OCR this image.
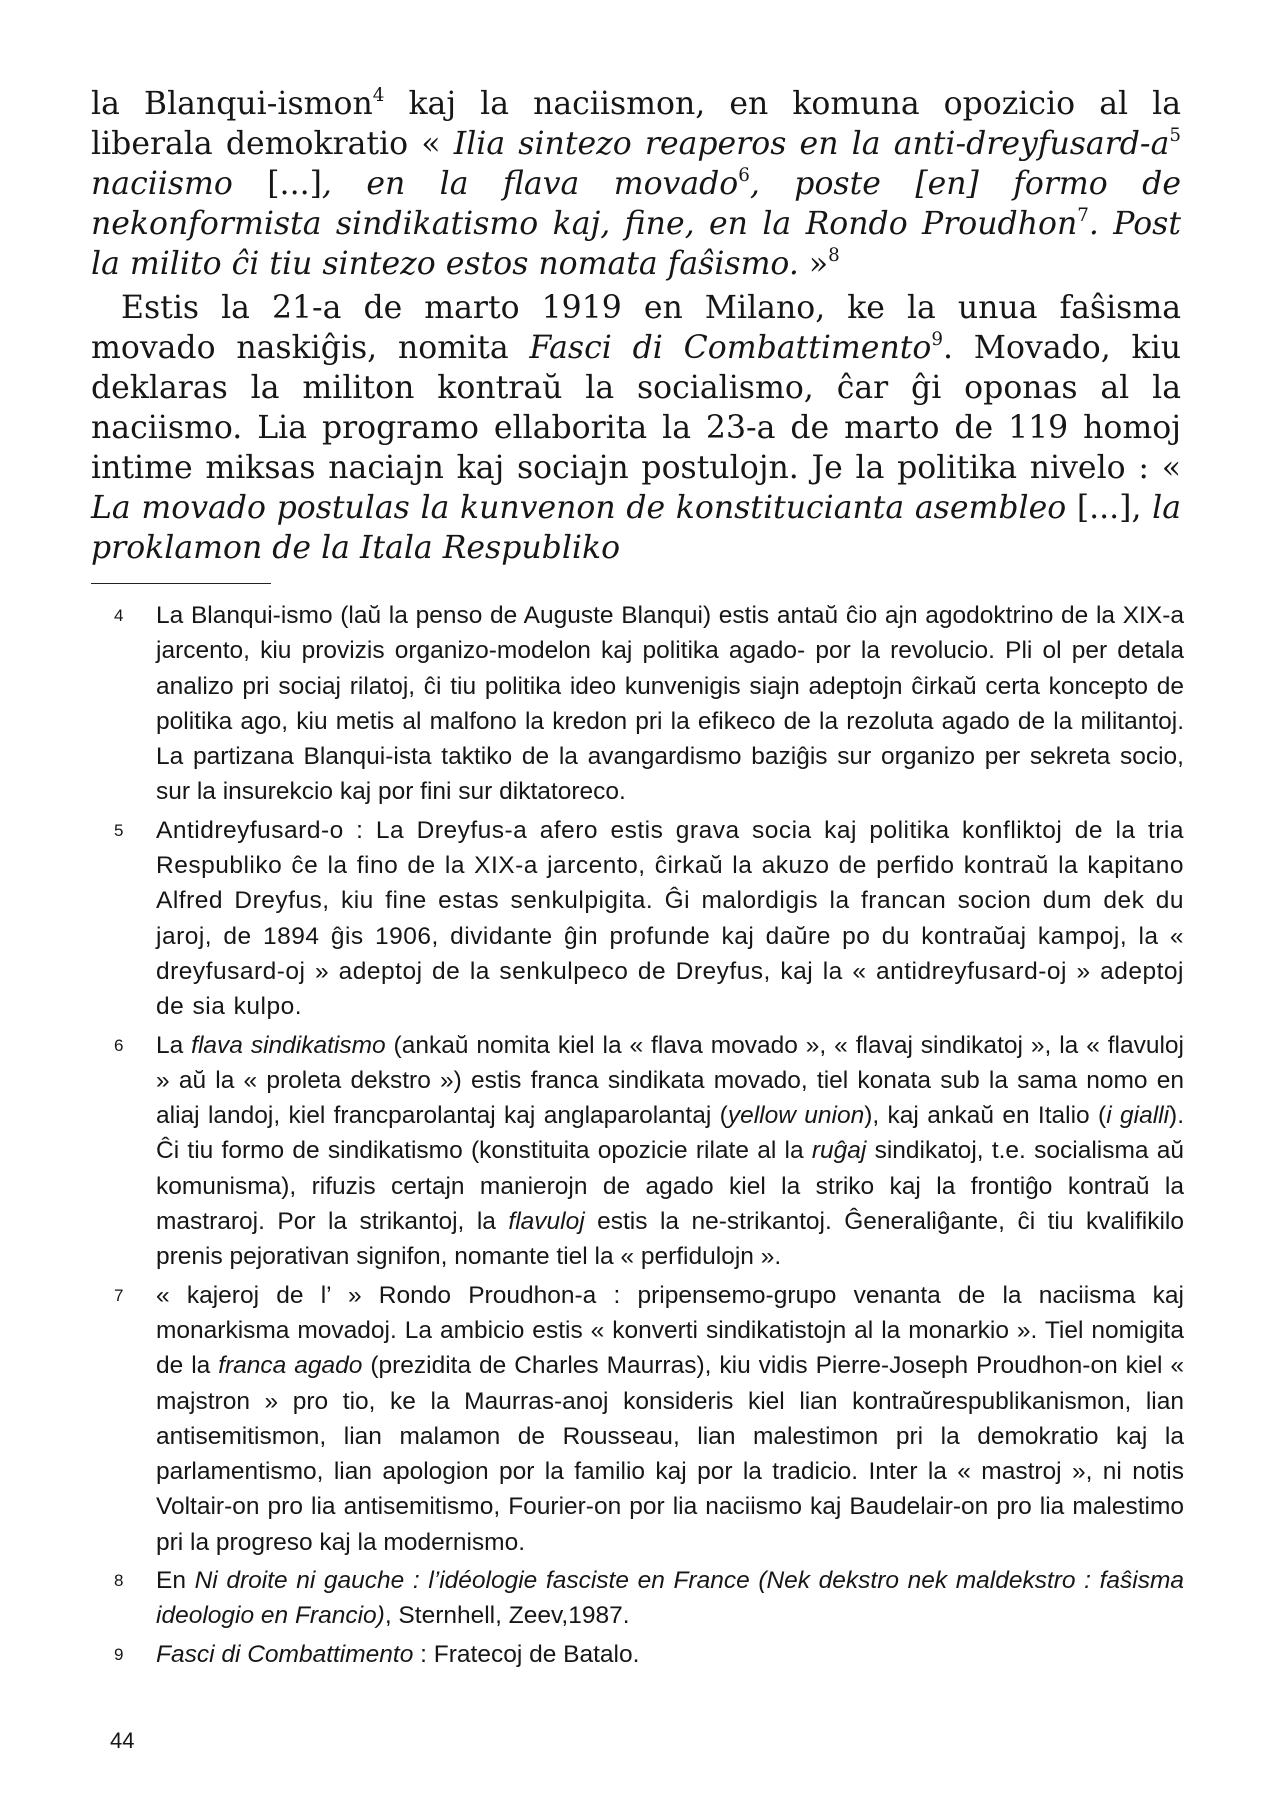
la Blanqui-ismon$^4$ kaj la naciismon, en komuna opozicio al la liberala demokratio « Ilia sintezo reaperos en la anti-$dreyfusard-a^5$ naciismo [...], en la flava movado$^6$, poste [en] formo de nekonformista sindikatismo kaj, fine, en la Rondo Proudhon$^7$. Post la milito ĉi tiu sintezo estos nomata faŝismo. »$^8$

Estis la 21-a de marto 1919 en Milano, ke la unua faŝisma movado naskiĝis, nomita Fasci di Combattimento$^9$. Movado, kiu deklaras la militon kontraŭ la socialismo, ĉar ĝi oponas al la naciismo. Lia programo ellaborita la 23-a de marto de 119 homoj intime miksas naciajn kaj sociajn postulojn. Je la politika nivelo : « La movado postulas la kunvenon de konstitucianta asembleo [...], la proklamon de la Itala Respubliko

4 La Blanqui-ismo (laŭ la penso de Auguste Blanqui) estis antaŭ ĉio ajn agodoktrino de la XIX-a jarcento, kiu provizis organizo-modelon kaj politika agado- por la revolucio. Pli ol per detala analizo pri sociaj rilatoj, ĉi tiu politika ideo kunvenigis siajn adeptojn ĉirkaŭ certa koncepto de politika ago, kiu metis al malfono la kredon pri la efikeco de la rezoluta agado de la militantoj. La partizana Blanqui-ista taktiko de la avangardismo baziĝis sur organizo per sekreta socio, sur la insurekcio kaj por fini sur diktatoreco.
5 Antidreyfusard-o : La Dreyfus-a afero estis grava socia kaj politika konfliktoj de la tria Respubliko ĉe la fino de la XIX-a jarcento, ĉirkaŭ la akuzo de perfido kontraŭ la kapitano Alfred Dreyfus, kiu fine estas senkulpigita. Ĝi malordigis la francan socion dum dek du jaroj, de 1894 ĝis 1906, dividante ĝin profunde kaj daŭre po du kontraŭaj kampoj, la « dreyfusard-oj » adeptoj de la senkulpeco de Dreyfus, kaj la « antidreyfusard-oj » adeptoj de sia kulpo.
6 La flava sindikatismo (ankaŭ nomita kiel la « flava movado », « flavaj sindikatoj », la « flavuloj » aŭ la « proleta dekstro ») estis franca sindikata movado, tiel konata sub la sama nomo en aliaj landoj, kiel francparolantaj kaj anglaparolantaj (yellow union), kaj ankaŭ en Italio (i gialli). Ĉi tiu formo de sindikatismo (konstituita opozicie rilate al la ruĝaj sindikatoj, t.e. socialisma aŭ komunisma), rifuzis certajn manierojn de agado kiel la striko kaj la frontiĝo kontraŭ la mastraroj. Por la strikantoj, la flavuloj estis la ne-strikantoj. Ĝeneraliĝante, ĉi tiu kvalifikilo prenis pejorativan signifon, nomante tiel la « perfidulojn ».
7 « kajeroj de l’ » Rondo Proudhon-a : pripensemo-grupo venanta de la naciisma kaj monarkisma movadoj. La ambicio estis « konverti sindikatistojn al la monarkio ». Tiel nomigita de la franca agado (prezidita de Charles Maurras), kiu vidis Pierre-Joseph Proudhon-on kiel « majstron » pro tio, ke la Maurras-anoj konsideris kiel lian kontraŭrespublikanismon, lian antisemitismon, lian malamon de Rousseau, lian malestimon pri la demokratio kaj la parlamentismo, lian apologion por la familio kaj por la tradicio. Inter la « mastroj », ni notis Voltair-on pro lia antisemitismo, Fourier-on por lia naciismo kaj Baudelair-on pro lia malestimo pri la progreso kaj la modernismo.
8 En Ni droite ni gauche : l’idéologie fasciste en France (Nek dekstro nek maldekstro : faŝisma ideologio en Francio), Sternhell, Zeev,1987.
9 Fasci di Combattimento : Fratecoj de Batalo.
44
